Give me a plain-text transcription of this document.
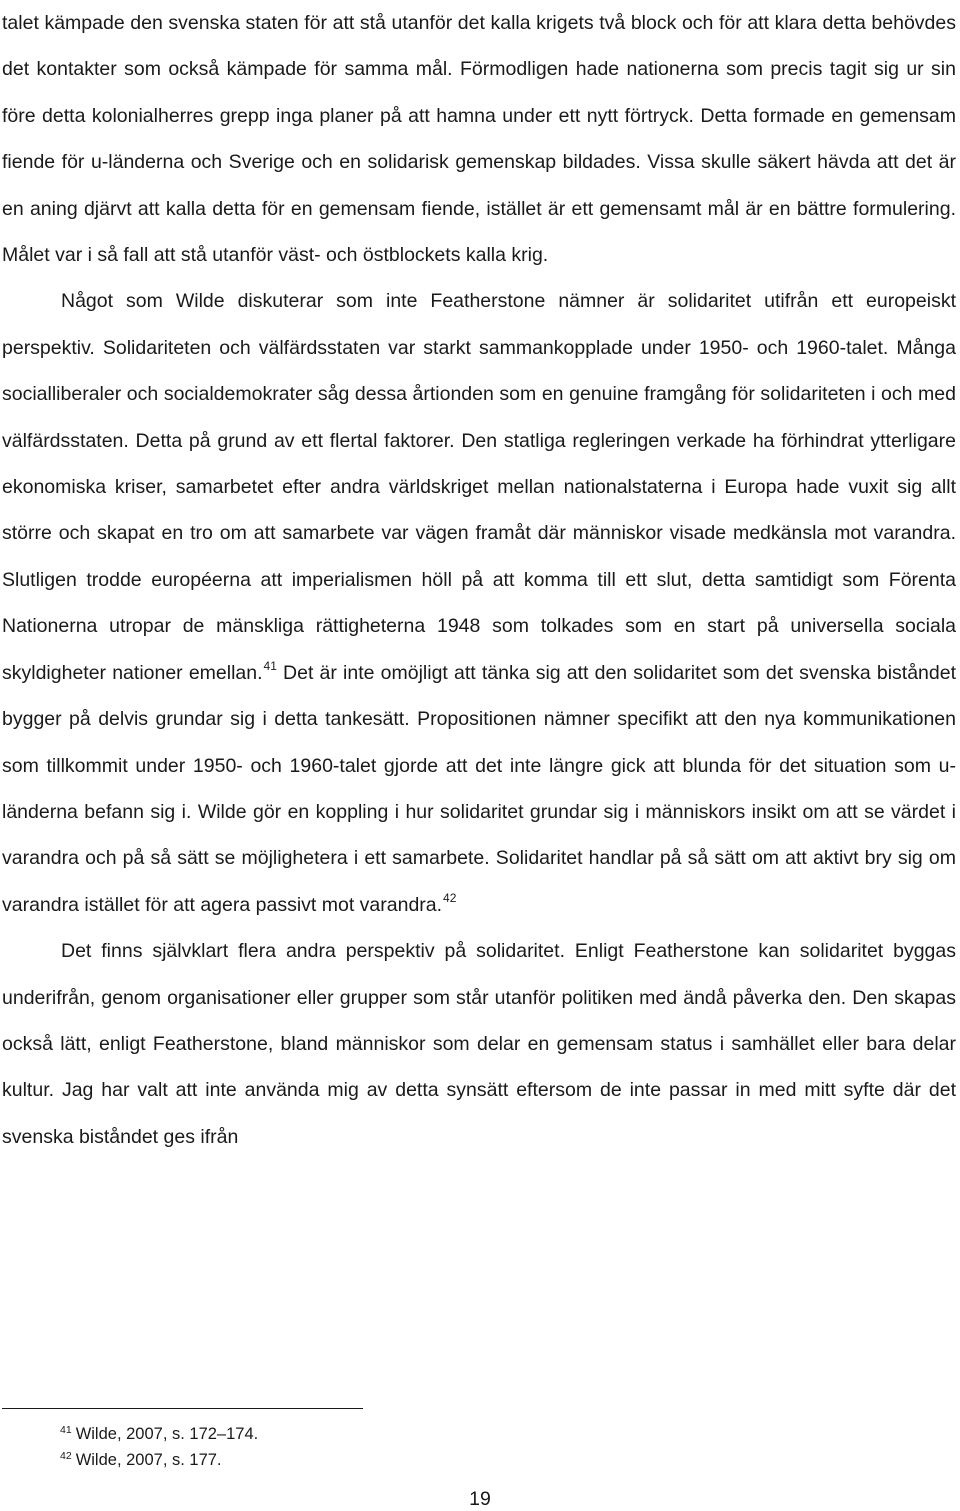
talet kämpade den svenska staten för att stå utanför det kalla krigets två block och för att klara detta behövdes det kontakter som också kämpade för samma mål. Förmodligen hade nationerna som precis tagit sig ur sin före detta kolonialherres grepp inga planer på att hamna under ett nytt förtryck. Detta formade en gemensam fiende för u-länderna och Sverige och en solidarisk gemenskap bildades. Vissa skulle säkert hävda att det är en aning djärvt att kalla detta för en gemensam fiende, istället är ett gemensamt mål är en bättre formulering. Målet var i så fall att stå utanför väst- och östblockets kalla krig.

Något som Wilde diskuterar som inte Featherstone nämner är solidaritet utifrån ett europeiskt perspektiv. Solidariteten och välfärdsstaten var starkt sammankopplade under 1950- och 1960-talet. Många socialliberaler och socialdemokrater såg dessa årtionden som en genuine framgång för solidariteten i och med välfärdsstaten. Detta på grund av ett flertal faktorer. Den statliga regleringen verkade ha förhindrat ytterligare ekonomiska kriser, samarbetet efter andra världskriget mellan nationalstaterna i Europa hade vuxit sig allt större och skapat en tro om att samarbete var vägen framåt där människor visade medkänsla mot varandra. Slutligen trodde européerna att imperialismen höll på att komma till ett slut, detta samtidigt som Förenta Nationerna utropar de mänskliga rättigheterna 1948 som tolkades som en start på universella sociala skyldigheter nationer emellan.$^{41}$ Det är inte omöjligt att tänka sig att den solidaritet som det svenska biståndet bygger på delvis grundar sig i detta tankesätt. Propositionen nämner specifikt att den nya kommunikationen som tillkommit under 1950- och 1960-talet gjorde att det inte längre gick att blunda för det situation som u-länderna befann sig i. Wilde gör en koppling i hur solidaritet grundar sig i människors insikt om att se värdet i varandra och på så sätt se möjlighetera i ett samarbete. Solidaritet handlar på så sätt om att aktivt bry sig om varandra istället för att agera passivt mot varandra.$^{42}$

Det finns självklart flera andra perspektiv på solidaritet. Enligt Featherstone kan solidaritet byggas underifrån, genom organisationer eller grupper som står utanför politiken med ändå påverka den. Den skapas också lätt, enligt Featherstone, bland människor som delar en gemensam status i samhället eller bara delar kultur. Jag har valt att inte använda mig av detta synsätt eftersom de inte passar in med mitt syfte där det svenska biståndet ges ifrån

$^{41}$ Wilde, 2007, s. 172–174.
$^{42}$ Wilde, 2007, s. 177.
19
